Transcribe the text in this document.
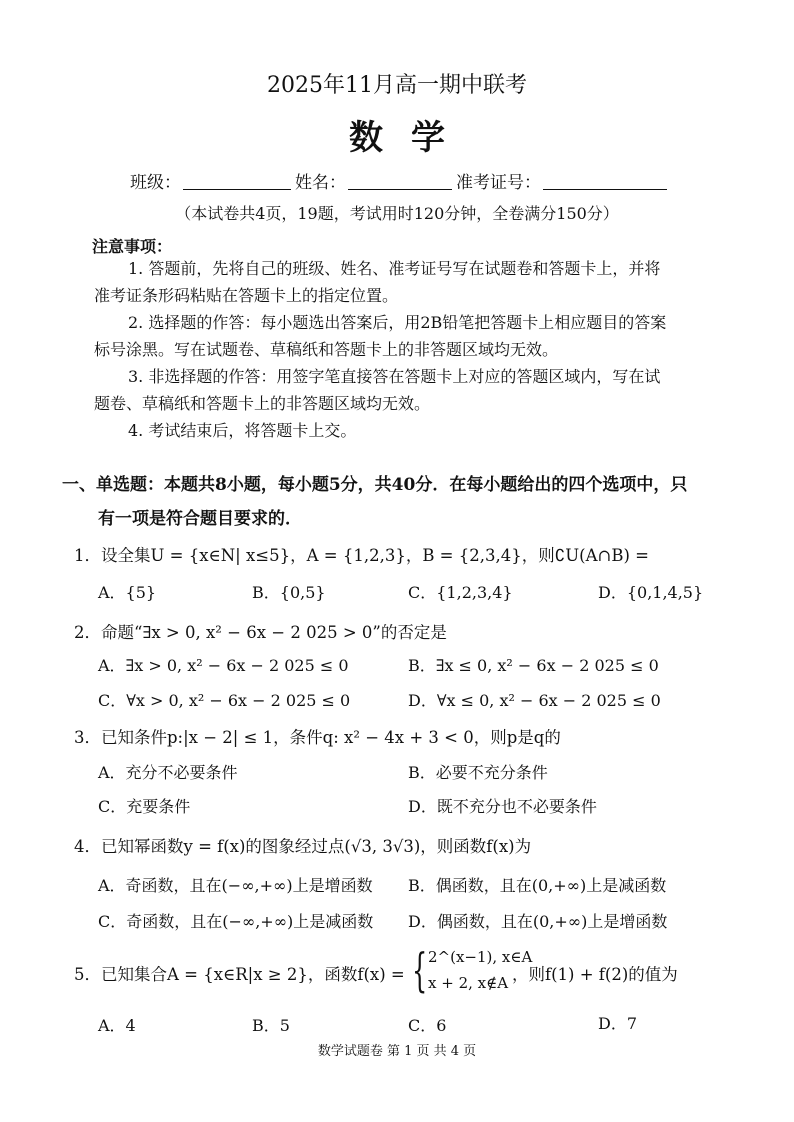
2025年11月高一期中联考
数学
班级：	姓名：	准考证号：
（本试卷共4页，19题，考试用时120分钟，全卷满分150分）
注意事项：
1. 答题前，先将自己的班级、姓名、准考证号写在试题卷和答题卡上，并将
准考证条形码粘贴在答题卡上的指定位置。
2. 选择题的作答：每小题选出答案后，用2B铅笔把答题卡上相应题目的答案
标号涂黑。写在试题卷、草稿纸和答题卡上的非答题区域均无效。
3. 非选择题的作答：用签字笔直接答在答题卡上对应的答题区域内，写在试
题卷、草稿纸和答题卡上的非答题区域均无效。
4. 考试结束后，将答题卡上交。
一、单选题：本题共8小题，每小题5分，共40分．在每小题给出的四个选项中，只
有一项是符合题目要求的．
1．设全集U = {x∈N| x≤5}，A = {1,2,3}，B = {2,3,4}，则∁U(A∩B) =
A．{5}	B．{0,5}	C．{1,2,3,4}	D．{0,1,4,5}
2．命题“∃x > 0, x² − 6x − 2 025 > 0”的否定是
A．∃x > 0, x² − 6x − 2 025 ≤ 0	B．∃x ≤ 0, x² − 6x − 2 025 ≤ 0
C．∀x > 0, x² − 6x − 2 025 ≤ 0	D．∀x ≤ 0, x² − 6x − 2 025 ≤ 0
3．已知条件p:|x − 2| ≤ 1，条件q: x² − 4x + 3 < 0，则p是q的
A．充分不必要条件	B．必要不充分条件
C．充要条件	D．既不充分也不必要条件
4．已知幂函数y = f(x)的图象经过点(√3, 3√3)，则函数f(x)为
A．奇函数，且在(−∞,+∞)上是增函数 B．偶函数，且在(0,+∞)上是减函数
C．奇函数，且在(−∞,+∞)上是减函数 D．偶函数，且在(0,+∞)上是增函数
5．已知集合A = {x∈R|x ≥ 2}，函数f(x) = { 2^(x−1), x∈A
x + 2, x∉A ，则f(1) + f(2)的值为
A．4	B．5	C．6	D．7
数学试题卷 第 1 页 共 4 页
